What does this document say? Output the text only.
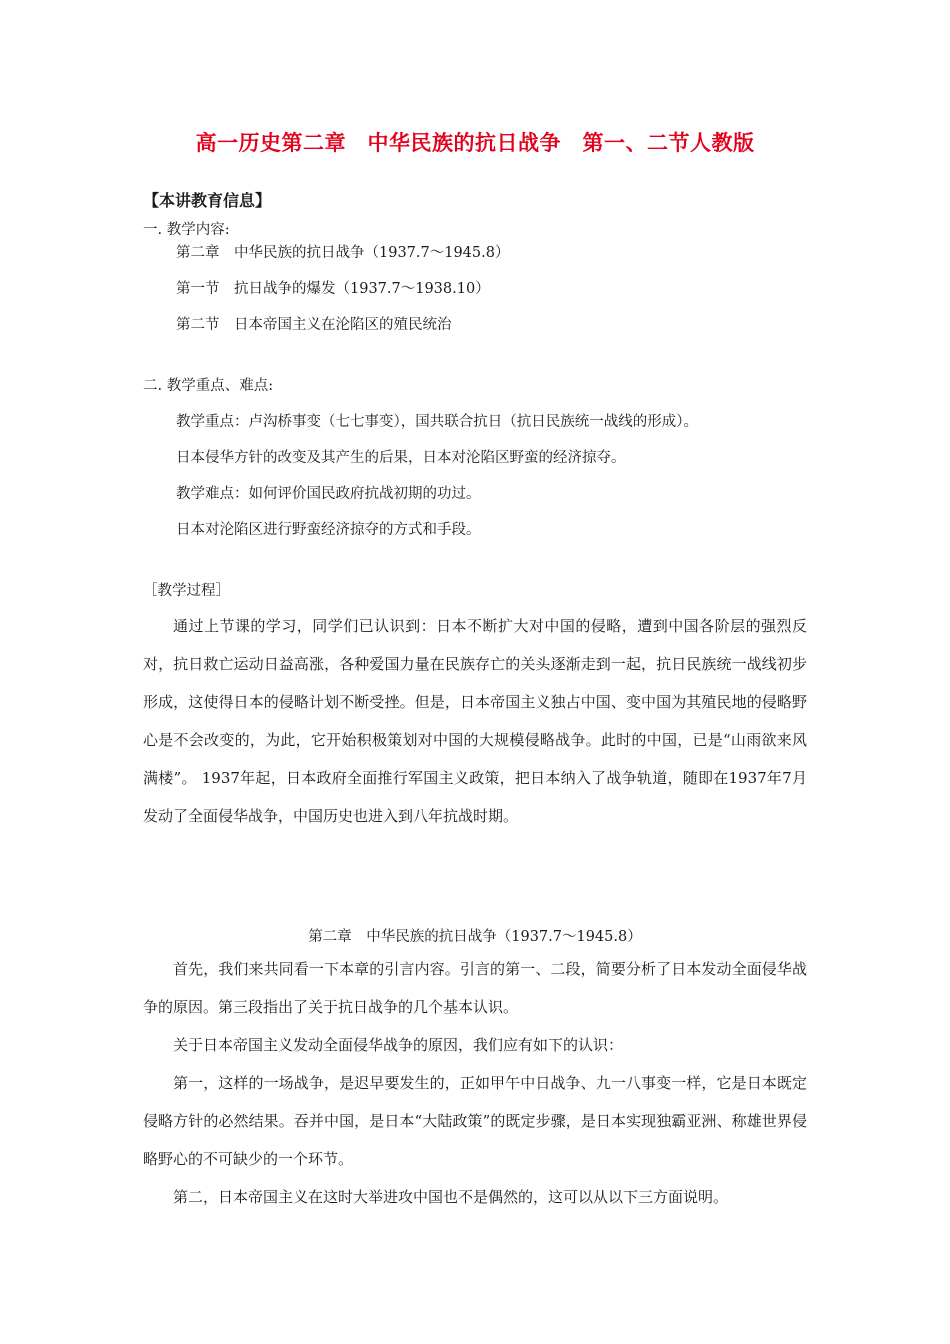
高一历史第二章　中华民族的抗日战争　第一、二节人教版
【本讲教育信息】
一. 教学内容:
第二章　中华民族的抗日战争（1937.7～1945.8）
第一节　抗日战争的爆发（1937.7～1938.10）
第二节　日本帝国主义在沦陷区的殖民统治
二. 教学重点、难点:
教学重点：卢沟桥事变（七七事变），国共联合抗日（抗日民族统一战线的形成）。
日本侵华方针的改变及其产生的后果，日本对沦陷区野蛮的经济掠夺。
教学难点：如何评价国民政府抗战初期的功过。
日本对沦陷区进行野蛮经济掠夺的方式和手段。
［教学过程］
通过上节课的学习，同学们已认识到：日本不断扩大对中国的侵略，遭到中国各阶层的强烈反对，抗日救亡运动日益高涨，各种爱国力量在民族存亡的关头逐渐走到一起，抗日民族统一战线初步形成，这使得日本的侵略计划不断受挫。但是，日本帝国主义独占中国、变中国为其殖民地的侵略野心是不会改变的，为此，它开始积极策划对中国的大规模侵略战争。此时的中国，已是“山雨欲来风满楼”。 1937年起，日本政府全面推行军国主义政策，把日本纳入了战争轨道，随即在1937年7月发动了全面侵华战争，中国历史也进入到八年抗战时期。
第二章　中华民族的抗日战争（1937.7～1945.8）
首先，我们来共同看一下本章的引言内容。引言的第一、二段，简要分析了日本发动全面侵华战争的原因。第三段指出了关于抗日战争的几个基本认识。
关于日本帝国主义发动全面侵华战争的原因，我们应有如下的认识：
第一，这样的一场战争，是迟早要发生的，正如甲午中日战争、九一八事变一样，它是日本既定侵略方针的必然结果。吞并中国，是日本“大陆政策”的既定步骤，是日本实现独霸亚洲、称雄世界侵略野心的不可缺少的一个环节。
第二，日本帝国主义在这时大举进攻中国也不是偶然的，这可以从以下三方面说明。
